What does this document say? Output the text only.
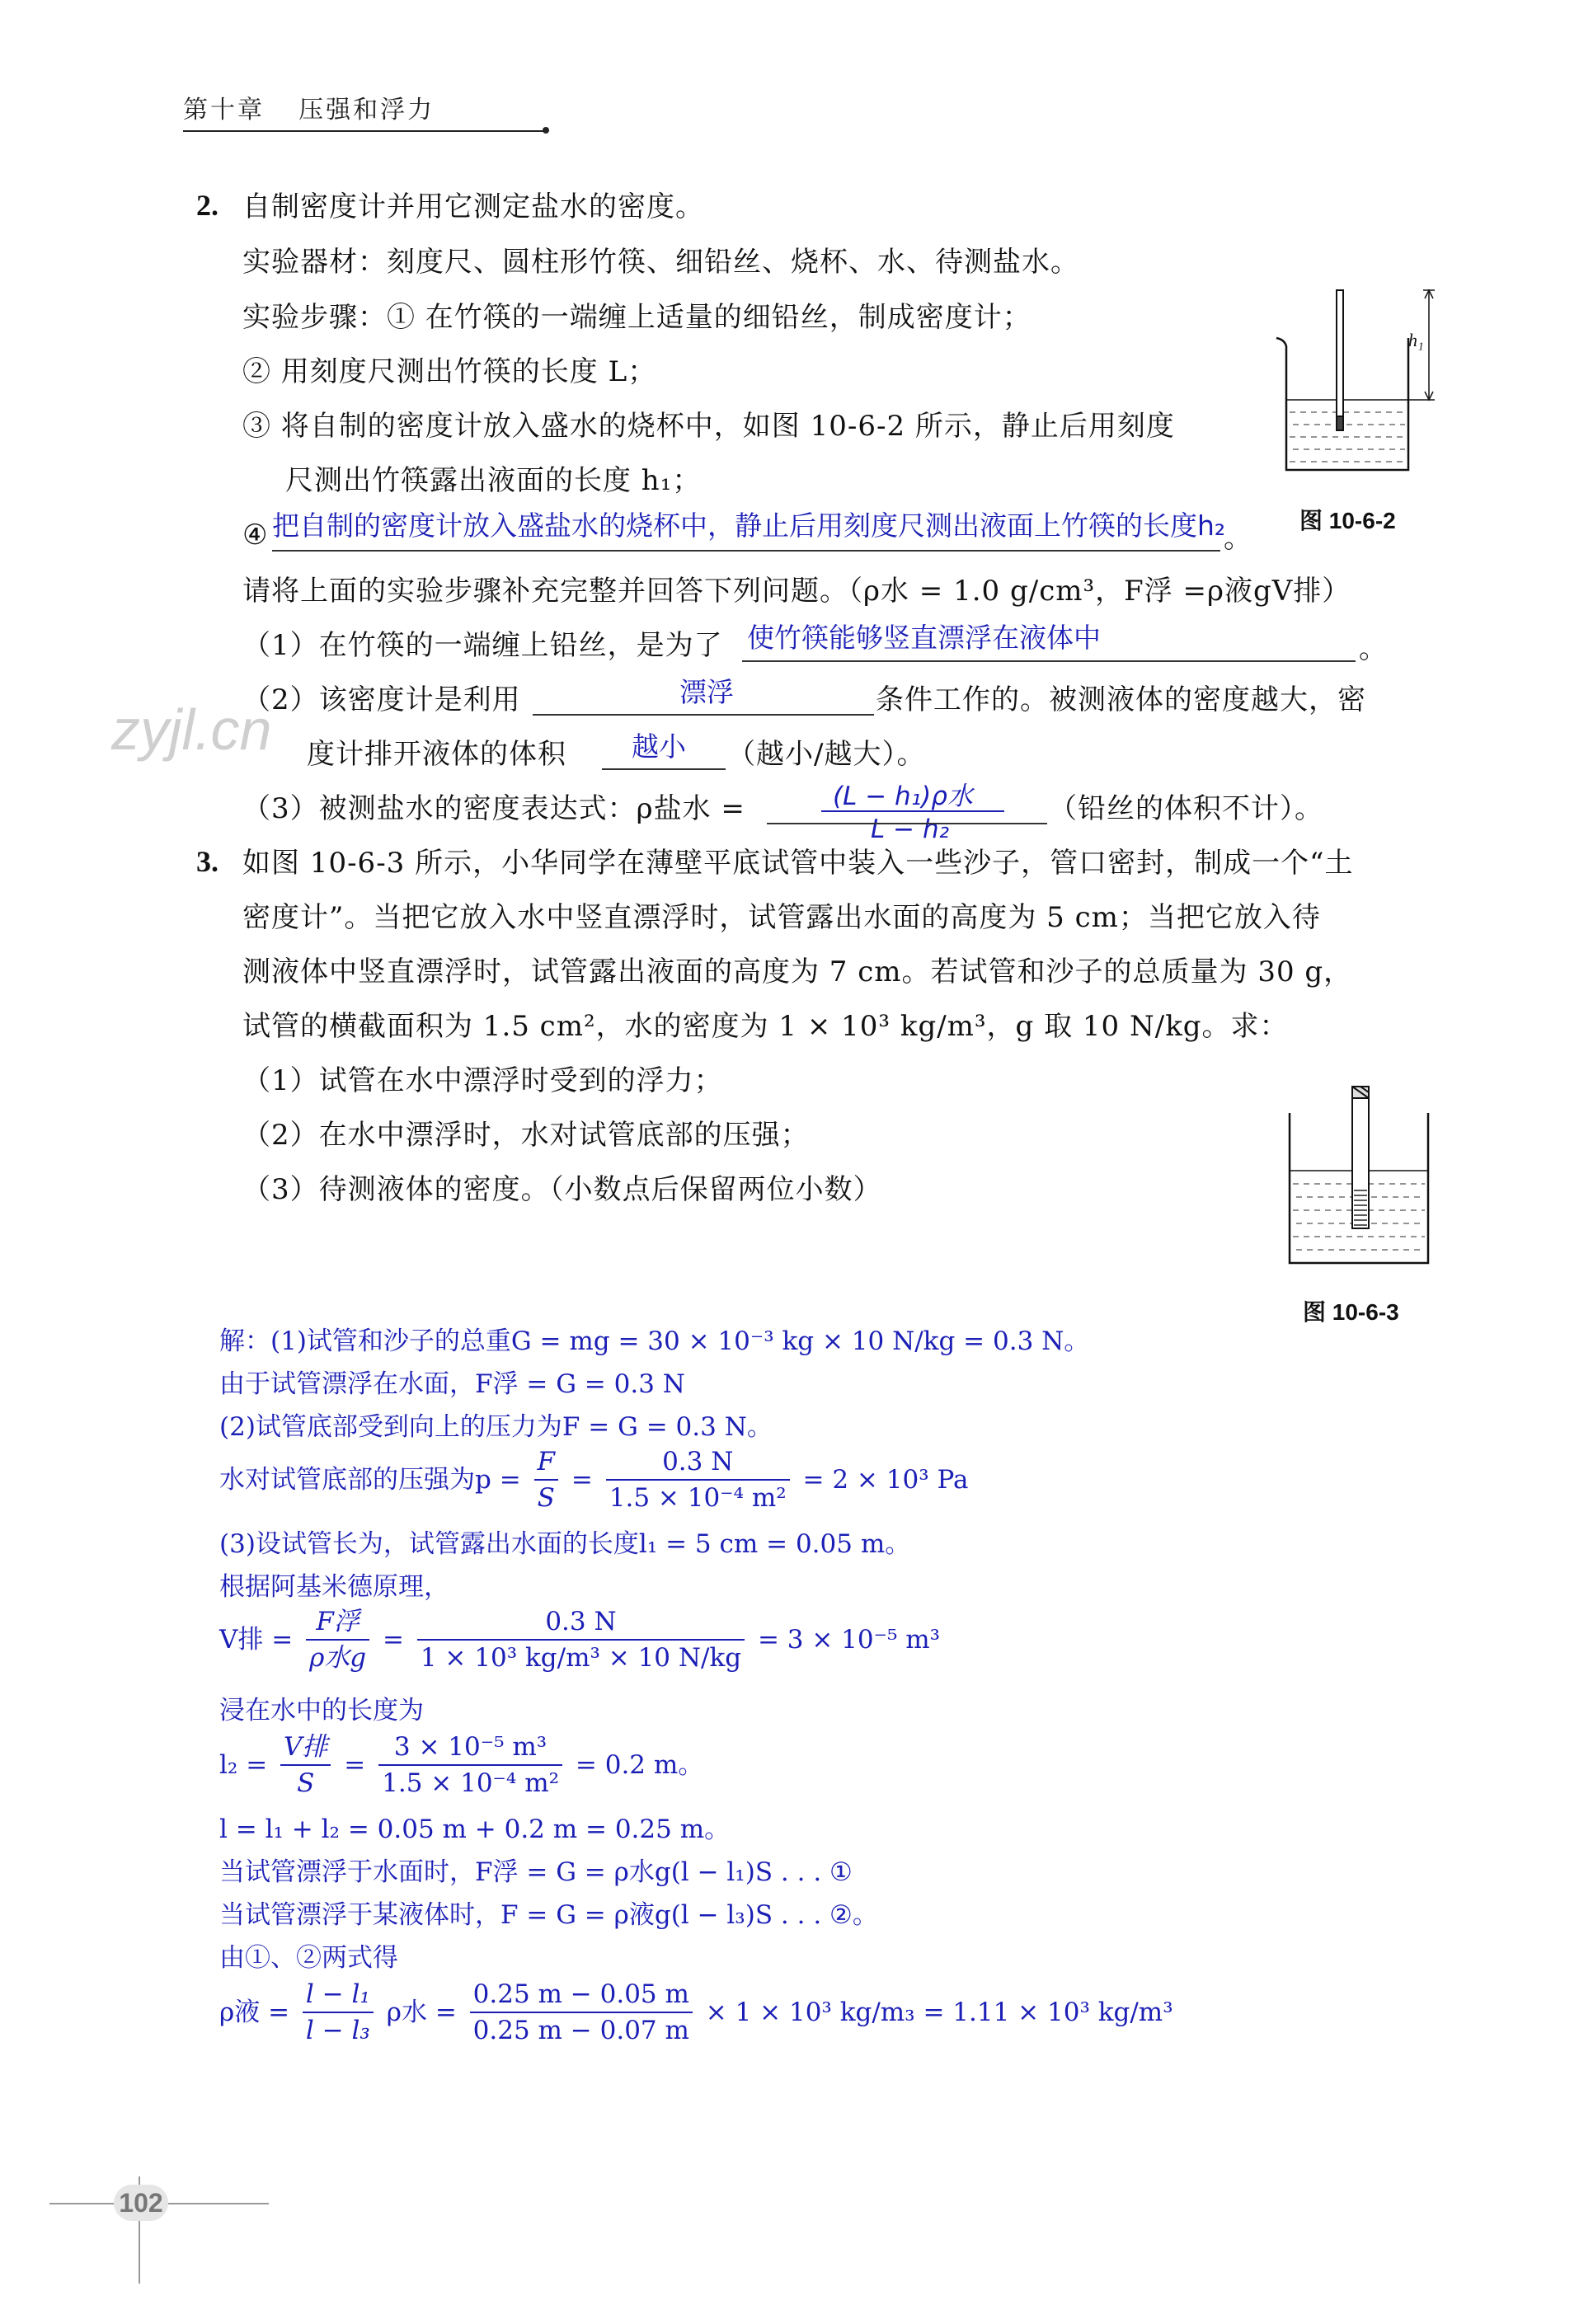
第十章 压强和浮力
zyjl.cn
2. 自制密度计并用它测定盐水的密度。
实验器材：刻度尺、圆柱形竹筷、细铅丝、烧杯、水、待测盐水。
实验步骤：① 在竹筷的一端缠上适量的细铅丝，制成密度计；
② 用刻度尺测出竹筷的长度 L；
③ 将自制的密度计放入盛水的烧杯中，如图 10-6-2 所示，静止后用刻度
尺测出竹筷露出液面的长度 h₁；
④ 把自制的密度计放入盛盐水的烧杯中，静止后用刻度尺测出液面上竹筷的长度h₂
。
请将上面的实验步骤补充完整并回答下列问题。（ρ水 = 1.0 g/cm³，F浮 =ρ液gV排）
（1）在竹筷的一端缠上铅丝，是为了 使竹筷能够竖直漂浮在液体中	。
（2）该密度计是利用	漂浮	条件工作的。被测液体的密度越大，密
度计排开液体的体积 越小 （越小/越大）。
（3）被测盐水的密度表达式：ρ盐水 =	(L − h₁)ρ水
L − h₂
（铅丝的体积不计）。
h₁
图 10-6-2
3. 如图 10-6-3 所示，小华同学在薄壁平底试管中装入一些沙子，管口密封，制成一个“土
密度计”。当把它放入水中竖直漂浮时，试管露出水面的高度为 5 cm；当把它放入待
测液体中竖直漂浮时，试管露出液面的高度为 7 cm。若试管和沙子的总质量为 30 g，
试管的横截面积为 1.5 cm²，水的密度为 1 × 10³ kg/m³，g 取 10 N/kg。求：
（1）试管在水中漂浮时受到的浮力；
（2）在水中漂浮时，水对试管底部的压强；
（3）待测液体的密度。（小数点后保留两位小数）
图 10-6-3
解：(1)试管和沙子的总重G = mg = 30 × 10⁻³ kg × 10 N/kg = 0.3 N。
由于试管漂浮在水面，F浮 = G = 0.3 N
(2)试管底部受到向上的压力为F = G = 0.3 N。
水对试管底部的压强为$p = \frac{F}{S} = \frac{0.3 N}{\text{1.5 × 10⁻⁴ m²}} = 2 \times 10^3$ Pa
(3)设试管长为，试管露出水面的长度l₁ = 5 cm = 0.05 m。
根据阿基米德原理，
V排 = $\frac{\text{F浮}}{\text{ρ水g}} = \frac{0.3 N}{\text{1 × 10³ kg/m³ × 10 N/kg}} = 3 \times 10^{-5}$ m³
浸在水中的长度为
$l_2 = \frac{\text{V排}}{S} = \frac{\text{3 × 10⁻⁵ m³}}{\text{1.5 × 10⁻⁴ m²}} = 0.2$ m。
l = l₁ + l₂ = 0.05 m + 0.2 m = 0.25 m。
当试管漂浮于水面时，F浮 = G = ρ水g(l − l₁)S . . . ①
当试管漂浮于某液体时，F = G = ρ液g(l − l₃)S . . . ②。
由①、②两式得
ρ液 = $\frac{\text{l − l₁}}{\text{l − l₃}}$ ρ水 = $\frac{0.25 m - 0.05 m}{0.25 m - 0.07 m} \times 1 \times 10^3$ kg/m₃ = 1.11 × 10³ kg/m³
102
